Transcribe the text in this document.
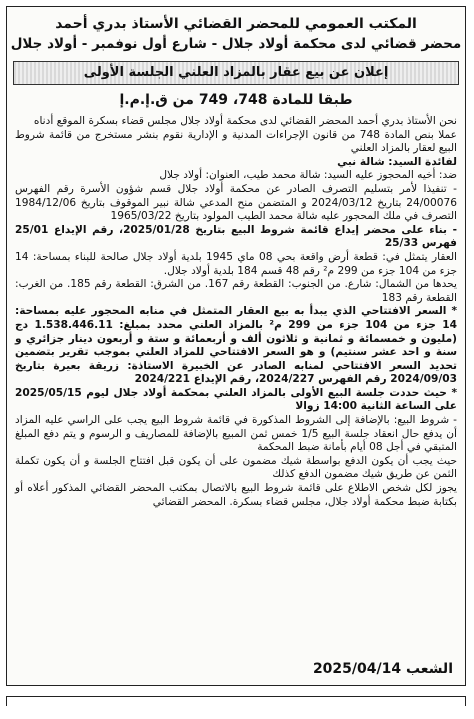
المكتب العمومي للمحضر القضائي الأستاذ بدري أحمد
محضر قضائي لدى محكمة أولاد جلال - شارع أول نوفمبر - أولاد جلال
إعلان عن بيع عقار بالمزاد العلني الجلسة الأولى
طبقا للمادة 748، 749 من ق.إ.م.إ

نحن الأستاذ بدري أحمد المحضر القضائي لدى محكمة أولاد جلال مجلس قضاء بسكرة الموقع أدناه

عملا بنص المادة 748 من قانون الإجراءات المدنية و الإدارية نقوم بنشر مستخرج من قائمة شروط البيع لعقار بالمزاد العلني

لفائدة السيد: شالة نبي

ضد: أخيه المحجوز عليه السيد: شالة محمد طيب، العنوان: أولاد جلال

- تنفيذا لأمر بتسليم التصرف الصادر عن محكمة أولاد جلال قسم شؤون الأسرة رقم الفهرس 24/00076 بتاريخ 2024/03/12 و المتضمن منح المدعي شالة نبير الموقوف بتاريخ 1984/12/06 التصرف في ملك المحجور عليه شالة محمد الطيب المولود بتاريخ 1965/03/22

- بناء على محضر إيداع قائمة شروط البيع بتاريخ 2025/01/28، رقم الإيداع 25/01 فهرس 25/33

العقار يتمثل في: قطعة أرض واقعة بحي 08 ماي 1945 بلدية أولاد جلال صالحة للبناء بمساحة: 14 جزء من 104 جزء من 299 م² رقم 48 قسم 184 بلدية أولاد جلال.

يحدها من الشمال: شارع. من الجنوب: القطعة رقم 167. من الشرق: القطعة رقم 185. من الغرب: القطعة رقم 183

* السعر الافتتاحي الذي يبدأ به بيع العقار المتمثل في منابه المحجور عليه بمساحة: 14 جزء من 104 جزء من 299 م² بالمزاد العلني محدد بمبلغ: 1.538.446.11 دج (مليون و خمسمائة و ثمانية و ثلاثون ألف و أربعمائة و ستة و أربعون دينار جزائري و سنة و احد عشر سنتيم) و هو السعر الافتتاحي للمزاد العلني بموجب تقرير بتضمين تحديد السعر الافتتاحي لمنابه الصادر عن الخبيرة الاستاذة: زريقة بعيرة بتاريخ 2024/09/03 رقم الفهرس 2024/227، رقم الإيداع 2024/221

* حيث حددت جلسة البيع الأولى بالمزاد العلني بمحكمة أولاد جلال ليوم 2025/05/15 على الساعة الثانية 14:00 زوالا

- شروط البيع: بالإضافة إلى الشروط المذكورة في قائمة شروط البيع يجب على الراسي عليه المزاد أن يدفع حال انعقاد جلسة البيع 1/5 خمس ثمن المبيع بالإضافة للمصاريف و الرسوم و يتم دفع المبلغ المتبقي في أجل 08 أيام بأمانة ضبط المحكمة

حيث يجب أن يكون الدفع بواسطة شيك مضمون على أن يكون قبل افتتاح الجلسة و أن يكون تكملة الثمن عن طريق شيك مضمون الدفع كذلك

يجوز لكل شخص الاطلاع على قائمة شروط البيع بالاتصال بمكتب المحضر القضائي المذكور أعلاه أو بكتابة ضبط محكمة أولاد جلال، مجلس قضاء بسكرة. المحضر القضائي

الشعب 2025/04/14
